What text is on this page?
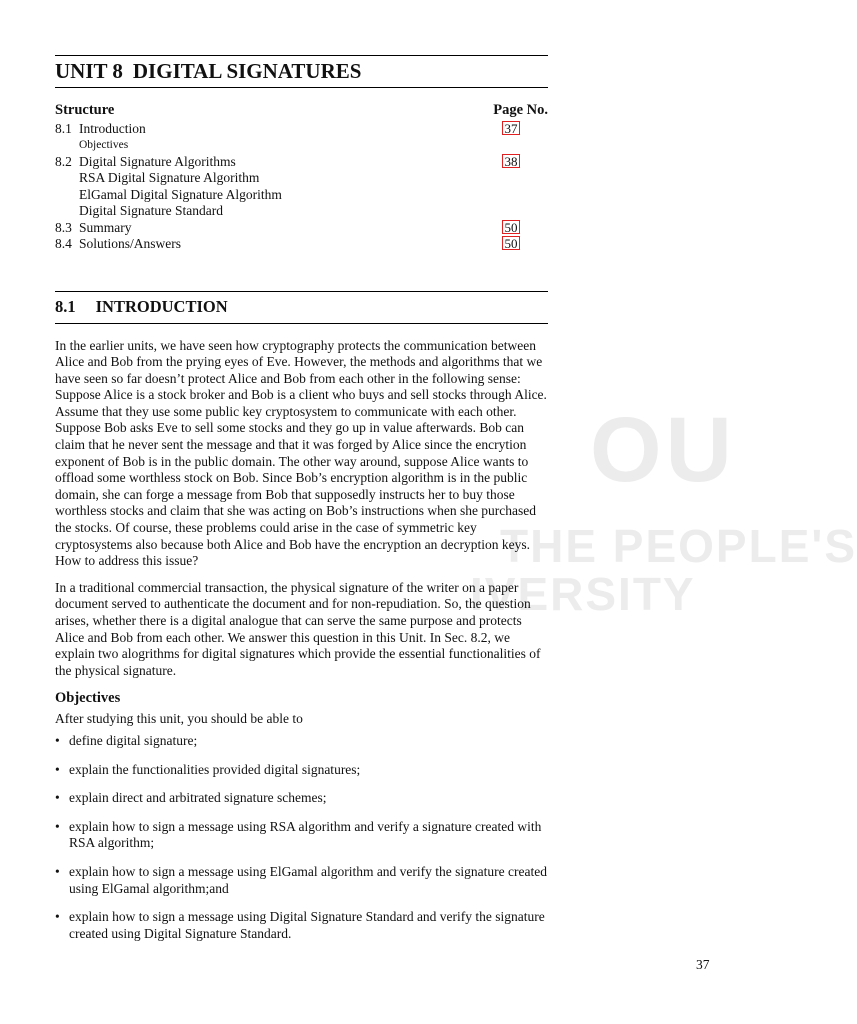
OU
THE PEOPLE'S
IVERSITY
UNIT 8 DIGITAL SIGNATURES
Structure	Page No.
8.1 Introduction	37
Objectives
8.2 Digital Signature Algorithms	38
RSA Digital Signature Algorithm
ElGamal Digital Signature Algorithm
Digital Signature Standard
8.3 Summary	50
8.4 Solutions/Answers	50
8.1 INTRODUCTION

In the earlier units, we have seen how cryptography protects the communication between Alice and Bob from the prying eyes of Eve. However, the methods and algorithms that we have seen so far doesn’t protect Alice and Bob from each other in the following sense: Suppose Alice is a stock broker and Bob is a client who buys and sell stocks through Alice. Assume that they use some public key cryptosystem to communicate with each other. Suppose Bob asks Eve to sell some stocks and they go up in value afterwards. Bob can claim that he never sent the message and that it was forged by Alice since the encrytion exponent of Bob is in the public domain. The other way around, suppose Alice wants to offload some worthless stock on Bob. Since Bob’s encryption algorithm is in the public domain, she can forge a message from Bob that supposedly instructs her to buy those worthless stocks and claim that she was acting on Bob’s instructions when she purchased the stocks. Of course, these problems could arise in the case of symmetric key cryptosystems also because both Alice and Bob have the encryption an decryption keys. How to address this issue?

In a traditional commercial transaction, the physical signature of the writer on a paper document served to authenticate the document and for non-repudiation. So, the question arises, whether there is a digital analogue that can serve the same purpose and protects Alice and Bob from each other. We answer this question in this Unit. In Sec. 8.2, we explain two alogrithms for digital signatures which provide the essential functionalities of the physical signature.

Objectives
After studying this unit, you should be able to
• define digital signature;
• explain the functionalities provided digital signatures;
• explain direct and arbitrated signature schemes;
• explain how to sign a message using RSA algorithm and verify a signature created with RSA algorithm;
• explain how to sign a message using ElGamal algorithm and verify the signature created using ElGamal algorithm;and
• explain how to sign a message using Digital Signature Standard and verify the signature created using Digital Signature Standard.
37
